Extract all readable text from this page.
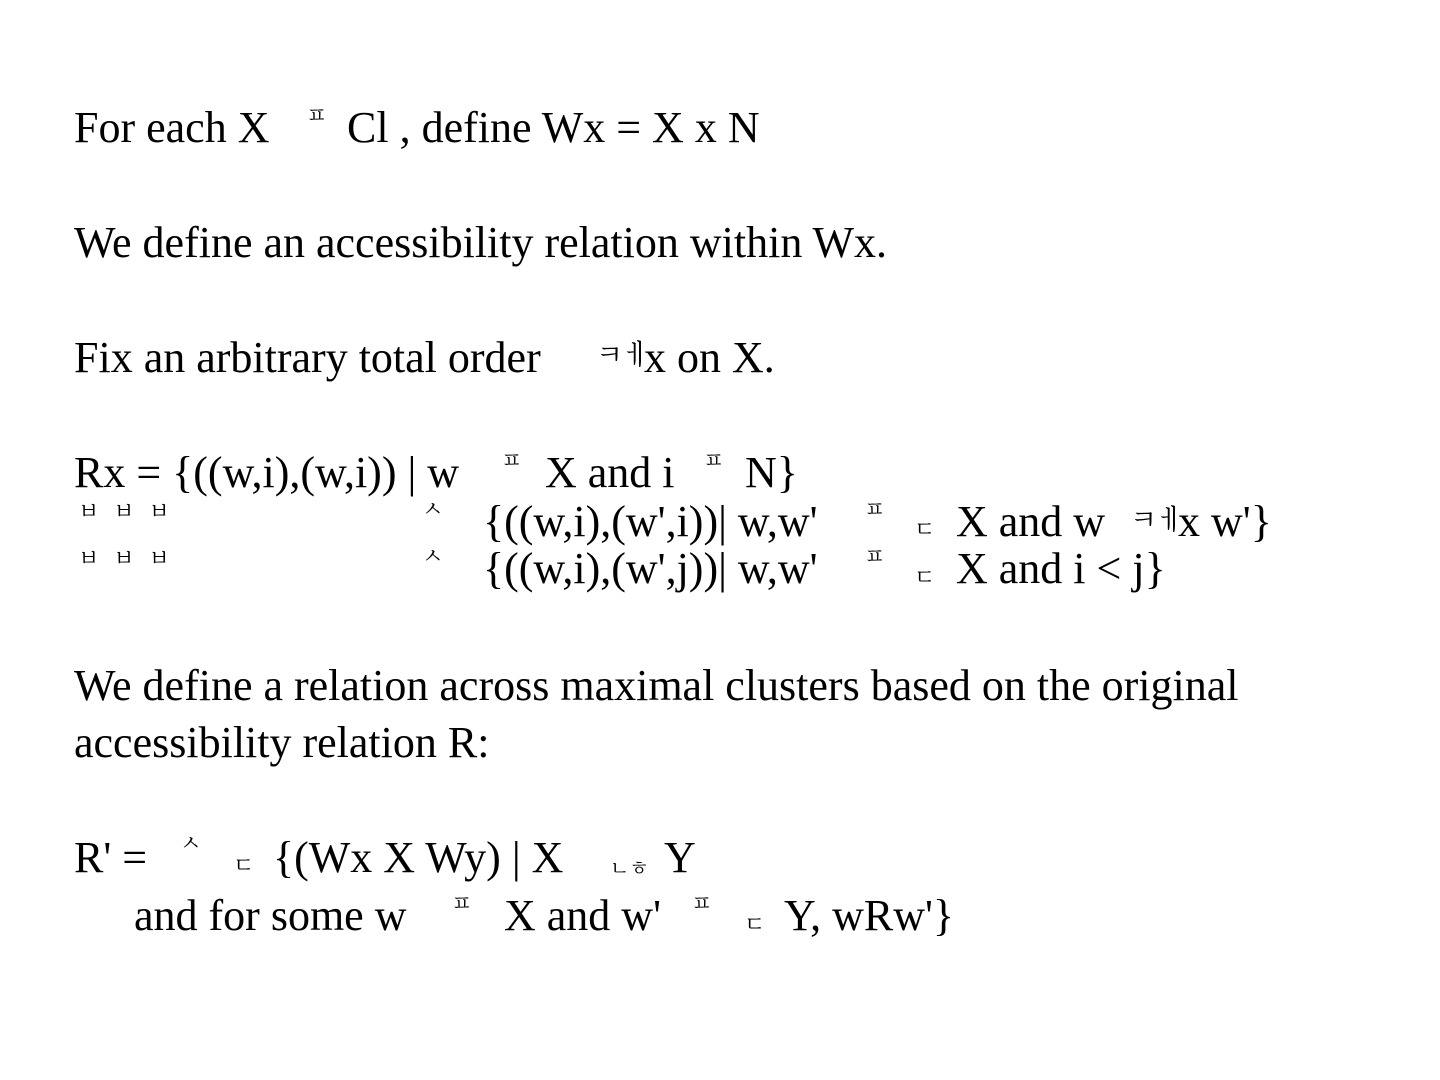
For each X ㅍ Cl , define Wx = X x N
We define an accessibility relation within Wx.
Fix an arbitrary total order ㅋㅔ
x on X.
Rx = {((w,i),(w,i)) | w ㅍ X and i ㅍ N}
ㅂ  ㅂ  ㅂ	ㅅ {((w,i),(w',i))| w,w' ㅍ
ㄷ X and w ㅋㅔ
x w'}
ㅂ  ㅂ  ㅂ	ㅅ {((w,i),(w',j))| w,w' ㅍ
ㄷ X and i < j}
We define a relation across maximal clusters based on the original
accessibility relation R:
R' = ㅅ
ㄷ {(Wx X Wy) | X ㄴㅎ Y
and for some w ㅍ X and w' ㅍ
ㄷ Y, wRw'}
